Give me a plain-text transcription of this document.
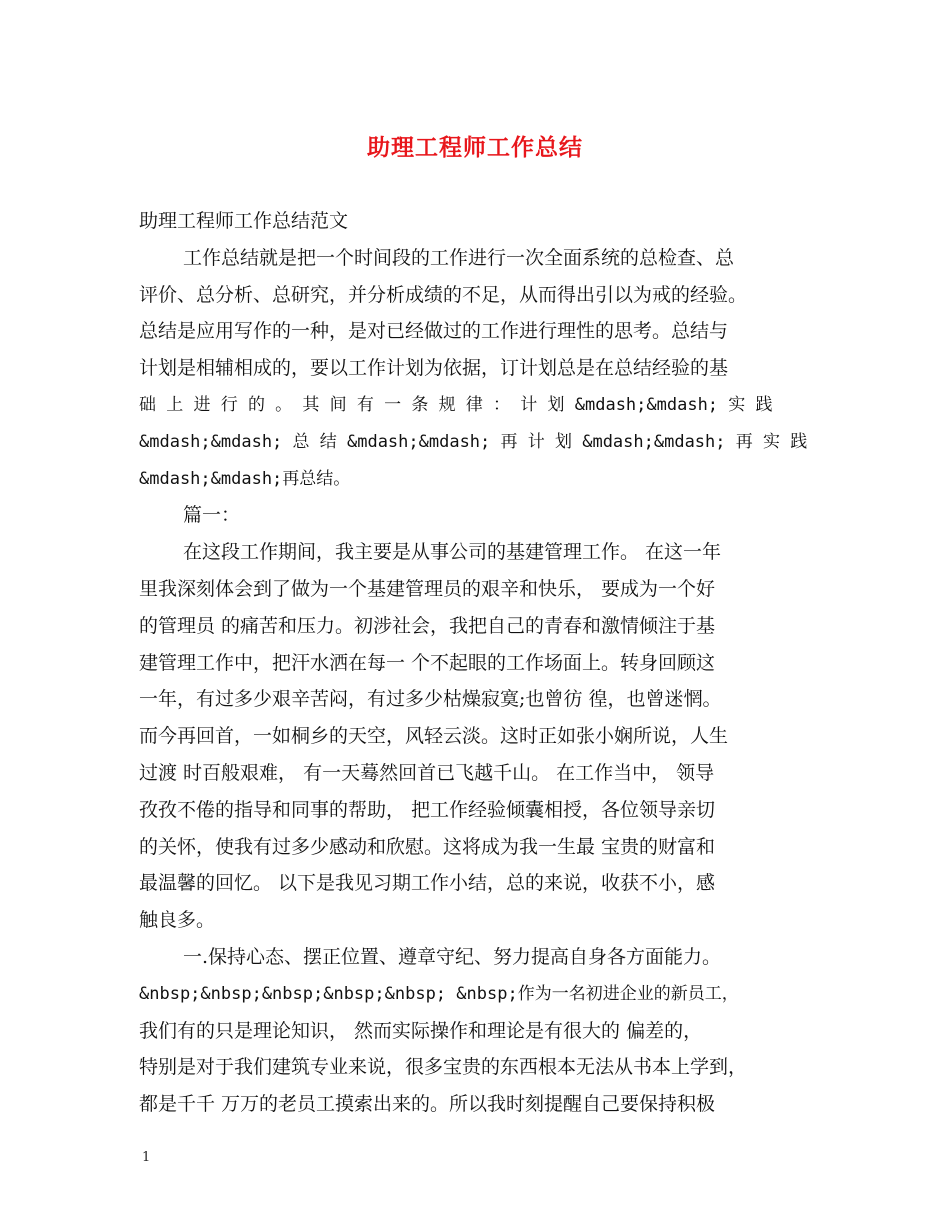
助理工程师工作总结
助理工程师工作总结范文
工作总结就是把一个时间段的工作进行一次全面系统的总检查、总
评价、总分析、总研究，并分析成绩的不足，从而得出引以为戒的经验。
总结是应用写作的一种，是对已经做过的工作进行理性的思考。总结与
计划是相辅相成的，要以工作计划为依据，订计划总是在总结经验的基
础 上 进 行 的 。 其 间 有 一 条 规 律 ： 计 划 &mdash;&mdash; 实 践
&mdash;&mdash; 总 结 &mdash;&mdash; 再 计 划 &mdash;&mdash; 再 实 践
&mdash;&mdash;再总结。
篇一：
在这段工作期间，我主要是从事公司的基建管理工作。 在这一年
里我深刻体会到了做为一个基建管理员的艰辛和快乐， 要成为一个好
的管理员 的痛苦和压力。初涉社会，我把自己的青春和激情倾注于基
建管理工作中，把汗水洒在每一 个不起眼的工作场面上。转身回顾这
一年，有过多少艰辛苦闷，有过多少枯燥寂寞;也曾彷 徨，也曾迷惘。
而今再回首，一如桐乡的天空，风轻云淡。这时正如张小娴所说，人生
过渡 时百般艰难， 有一天蓦然回首已飞越千山。 在工作当中， 领导
孜孜不倦的指导和同事的帮助， 把工作经验倾囊相授，各位领导亲切
的关怀，使我有过多少感动和欣慰。这将成为我一生最 宝贵的财富和
最温馨的回忆。 以下是我见习期工作小结，总的来说，收获不小，感
触良多。
一.保持心态、摆正位置、遵章守纪、努力提高自身各方面能力。
&nbsp;&nbsp;&nbsp;&nbsp;&nbsp; &nbsp;作为一名初进企业的新员工，
我们有的只是理论知识， 然而实际操作和理论是有很大的 偏差的，
特别是对于我们建筑专业来说，很多宝贵的东西根本无法从书本上学到，
都是千千 万万的老员工摸索出来的。所以我时刻提醒自己要保持积极
1
